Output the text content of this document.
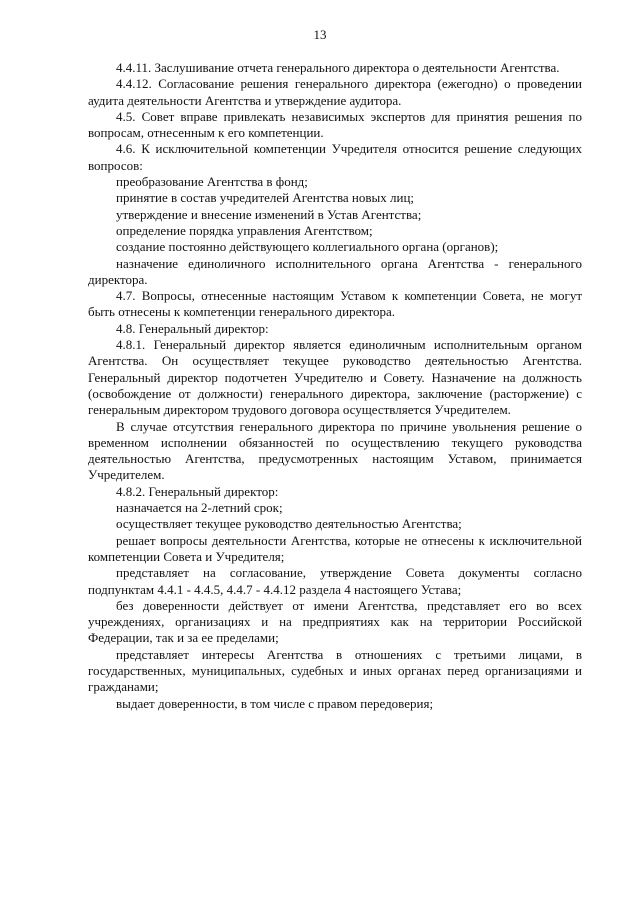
13

4.4.11. Заслушивание отчета генерального директора о деятельности Агентства.

4.4.12. Согласование решения генерального директора (ежегодно) о проведении аудита деятельности Агентства и утверждение аудитора.

4.5. Совет вправе привлекать независимых экспертов для принятия решения по вопросам, отнесенным к его компетенции.

4.6. К исключительной компетенции Учредителя относится решение следующих вопросов:

преобразование Агентства в фонд;

принятие в состав учредителей Агентства новых лиц;

утверждение и внесение изменений в Устав Агентства;

определение порядка управления Агентством;

создание постоянно действующего коллегиального органа (органов);

назначение единоличного исполнительного органа Агентства - генерального директора.

4.7. Вопросы, отнесенные настоящим Уставом к компетенции Совета, не могут быть отнесены к компетенции генерального директора.

4.8. Генеральный директор:

4.8.1. Генеральный директор является единоличным исполнительным органом Агентства. Он осуществляет текущее руководство деятельностью Агентства. Генеральный директор подотчетен Учредителю и Совету. Назначение на должность (освобождение от должности) генерального директора, заключение (расторжение) с генеральным директором трудового договора осуществляется Учредителем.

В случае отсутствия генерального директора по причине увольнения решение о временном исполнении обязанностей по осуществлению текущего руководства деятельностью Агентства, предусмотренных настоящим Уставом, принимается Учредителем.

4.8.2. Генеральный директор:

назначается на 2-летний срок;

осуществляет текущее руководство деятельностью Агентства;

решает вопросы деятельности Агентства, которые не отнесены к исключительной компетенции Совета и Учредителя;

представляет на согласование, утверждение Совета документы согласно подпунктам 4.4.1 - 4.4.5, 4.4.7 - 4.4.12 раздела 4 настоящего Устава;

без доверенности действует от имени Агентства, представляет его во всех учреждениях, организациях и на предприятиях как на территории Российской Федерации, так и за ее пределами;

представляет интересы Агентства в отношениях с третьими лицами, в государственных, муниципальных, судебных и иных органах перед организациями и гражданами;

выдает доверенности, в том числе с правом передоверия;
